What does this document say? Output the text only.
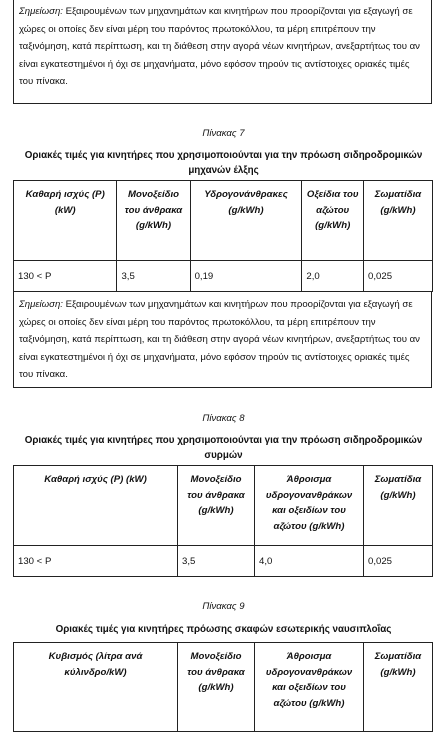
Σημείωση: Εξαιρουμένων των μηχανημάτων και κινητήρων που προορίζονται για εξαγωγή σε χώρες οι οποίες δεν είναι μέρη του παρόντος πρωτοκόλλου, τα μέρη επιτρέπουν την ταξινόμηση, κατά περίπτωση, και τη διάθεση στην αγορά νέων κινητήρων, ανεξαρτήτως του αν είναι εγκατεστημένοι ή όχι σε μηχανήματα, μόνο εφόσον τηρούν τις αντίστοιχες οριακές τιμές του πίνακα.
Πίνακας 7
Οριακές τιμές για κινητήρες που χρησιμοποιούνται για την πρόωση σιδηροδρομικών μηχανών έλξης
Καθαρή ισχύς (P)(kW)	Μονοξείδιο του άνθρακα (g/kWh)	Υδρογονάνθρακες (g/kWh)	Οξείδια του αζώτου (g/kWh)	Σωματίδια (g/kWh)
130 < P	3,5	0,19	2,0	0,025
Σημείωση: Εξαιρουμένων των μηχανημάτων και κινητήρων που προορίζονται για εξαγωγή σε χώρες οι οποίες δεν είναι μέρη του παρόντος πρωτοκόλλου, τα μέρη επιτρέπουν την ταξινόμηση, κατά περίπτωση, και τη διάθεση στην αγορά νέων κινητήρων, ανεξαρτήτως του αν είναι εγκατεστημένοι ή όχι σε μηχανήματα, μόνο εφόσον τηρούν τις αντίστοιχες οριακές τιμές του πίνακα.
Πίνακας 8
Οριακές τιμές για κινητήρες που χρησιμοποιούνται για την πρόωση σιδηροδρομικών συρμών
Καθαρή ισχύς (P) (kW)	Μονοξείδιο του άνθρακα (g/kWh)	Άθροισμα υδρογονανθράκων και οξειδίων του αζώτου (g/kWh)	Σωματίδια (g/kWh)
130 < P	3,5	4,0	0,025
Πίνακας 9
Οριακές τιμές για κινητήρες πρόωσης σκαφών εσωτερικής ναυσιπλοΐας
Κυβισμός (λίτρα ανά κύλινδρο/kW)	Μονοξείδιο του άνθρακα (g/kWh)	Άθροισμα υδρογονανθράκων και οξειδίων του αζώτου (g/kWh)	Σωματίδια (g/kWh)
